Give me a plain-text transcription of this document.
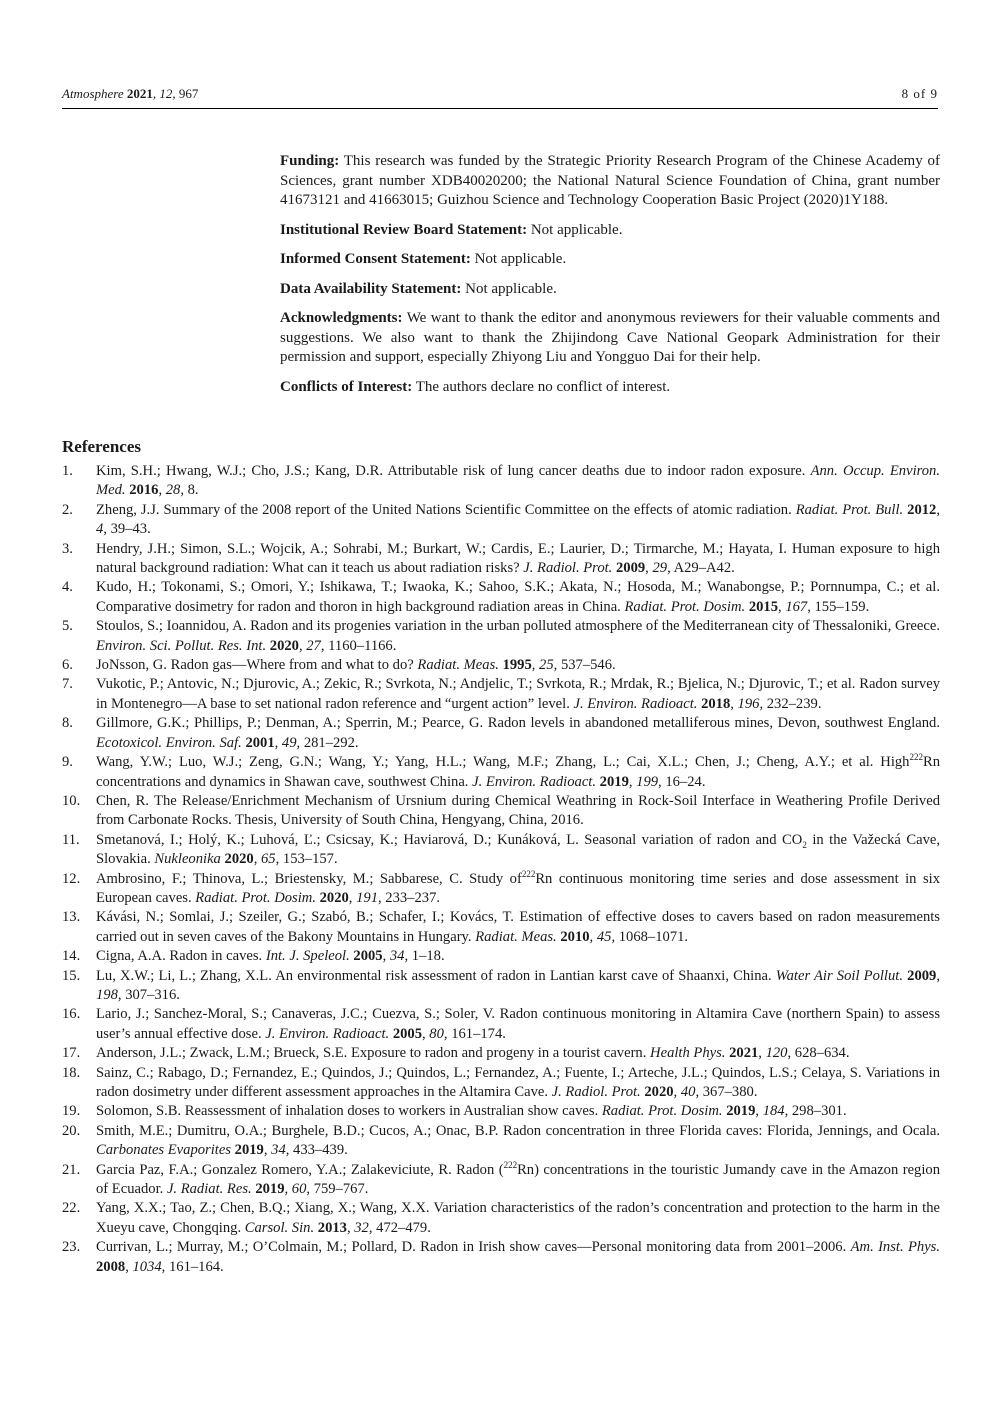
Atmosphere 2021, 12, 967	8 of 9

Funding: This research was funded by the Strategic Priority Research Program of the Chinese Academy of Sciences, grant number XDB40020200; the National Natural Science Foundation of China, grant number 41673121 and 41663015; Guizhou Science and Technology Cooperation Basic Project (2020)1Y188.

Institutional Review Board Statement: Not applicable.

Informed Consent Statement: Not applicable.

Data Availability Statement: Not applicable.

Acknowledgments: We want to thank the editor and anonymous reviewers for their valuable comments and suggestions. We also want to thank the Zhijindong Cave National Geopark Administration for their permission and support, especially Zhiyong Liu and Yongguo Dai for their help.

Conflicts of Interest: The authors declare no conflict of interest.

References
1. Kim, S.H.; Hwang, W.J.; Cho, J.S.; Kang, D.R. Attributable risk of lung cancer deaths due to indoor radon exposure. Ann. Occup. Environ. Med. 2016, 28, 8.
2. Zheng, J.J. Summary of the 2008 report of the United Nations Scientific Committee on the effects of atomic radiation. Radiat. Prot. Bull. 2012, 4, 39–43.
3. Hendry, J.H.; Simon, S.L.; Wojcik, A.; Sohrabi, M.; Burkart, W.; Cardis, E.; Laurier, D.; Tirmarche, M.; Hayata, I. Human exposure to high natural background radiation: What can it teach us about radiation risks? J. Radiol. Prot. 2009, 29, A29–A42.
4. Kudo, H.; Tokonami, S.; Omori, Y.; Ishikawa, T.; Iwaoka, K.; Sahoo, S.K.; Akata, N.; Hosoda, M.; Wanabongse, P.; Pornnumpa, C.; et al. Comparative dosimetry for radon and thoron in high background radiation areas in China. Radiat. Prot. Dosim. 2015, 167, 155–159.
5. Stoulos, S.; Ioannidou, A. Radon and its progenies variation in the urban polluted atmosphere of the Mediterranean city of Thessaloniki, Greece. Environ. Sci. Pollut. Res. Int. 2020, 27, 1160–1166.
6. JoNsson, G. Radon gas—Where from and what to do? Radiat. Meas. 1995, 25, 537–546.
7. Vukotic, P.; Antovic, N.; Djurovic, A.; Zekic, R.; Svrkota, N.; Andjelic, T.; Svrkota, R.; Mrdak, R.; Bjelica, N.; Djurovic, T.; et al. Radon survey in Montenegro—A base to set national radon reference and “urgent action” level. J. Environ. Radioact. 2018, 196, 232–239.
8. Gillmore, G.K.; Phillips, P.; Denman, A.; Sperrin, M.; Pearce, G. Radon levels in abandoned metalliferous mines, Devon, southwest England. Ecotoxicol. Environ. Saf. 2001, 49, 281–292.
9. Wang, Y.W.; Luo, W.J.; Zeng, G.N.; Wang, Y.; Yang, H.L.; Wang, M.F.; Zhang, L.; Cai, X.L.; Chen, J.; Cheng, A.Y.; et al. High$^{222}$Rn concentrations and dynamics in Shawan cave, southwest China. J. Environ. Radioact. 2019, 199, 16–24.
10. Chen, R. The Release/Enrichment Mechanism of Ursnium during Chemical Weathring in Rock-Soil Interface in Weathering Profile Derived from Carbonate Rocks. Thesis, University of South China, Hengyang, China, 2016.
11. Smetanová, I.; Holý, K.; Luhová, Ľ.; Csicsay, K.; Haviarová, D.; Kunáková, L. Seasonal variation of radon and $CO_2$ in the Važecká Cave, Slovakia. Nukleonika 2020, 65, 153–157.
12. Ambrosino, F.; Thinova, L.; Briestensky, M.; Sabbarese, C. Study $of^{222}Rn$ continuous monitoring time series and dose assessment in six European caves. Radiat. Prot. Dosim. 2020, 191, 233–237.
13. Kávási, N.; Somlai, J.; Szeiler, G.; Szabó, B.; Schafer, I.; Kovács, T. Estimation of effective doses to cavers based on radon measurements carried out in seven caves of the Bakony Mountains in Hungary. Radiat. Meas. 2010, 45, 1068–1071.
14. Cigna, A.A. Radon in caves. Int. J. Speleol. 2005, 34, 1–18.
15. Lu, X.W.; Li, L.; Zhang, X.L. An environmental risk assessment of radon in Lantian karst cave of Shaanxi, China. Water Air Soil Pollut. 2009, 198, 307–316.
16. Lario, J.; Sanchez-Moral, S.; Canaveras, J.C.; Cuezva, S.; Soler, V. Radon continuous monitoring in Altamira Cave (northern Spain) to assess user’s annual effective dose. J. Environ. Radioact. 2005, 80, 161–174.
17. Anderson, J.L.; Zwack, L.M.; Brueck, S.E. Exposure to radon and progeny in a tourist cavern. Health Phys. 2021, 120, 628–634.
18. Sainz, C.; Rabago, D.; Fernandez, E.; Quindos, J.; Quindos, L.; Fernandez, A.; Fuente, I.; Arteche, J.L.; Quindos, L.S.; Celaya, S. Variations in radon dosimetry under different assessment approaches in the Altamira Cave. J. Radiol. Prot. 2020, 40, 367–380.
19. Solomon, S.B. Reassessment of inhalation doses to workers in Australian show caves. Radiat. Prot. Dosim. 2019, 184, 298–301.
20. Smith, M.E.; Dumitru, O.A.; Burghele, B.D.; Cucos, A.; Onac, B.P. Radon concentration in three Florida caves: Florida, Jennings, and Ocala. Carbonates Evaporites 2019, 34, 433–439.
21. Garcia Paz, F.A.; Gonzalez Romero, Y.A.; Zalakeviciute, R. Radon ($^{222}$Rn) concentrations in the touristic Jumandy cave in the Amazon region of Ecuador. J. Radiat. Res. 2019, 60, 759–767.
22. Yang, X.X.; Tao, Z.; Chen, B.Q.; Xiang, X.; Wang, X.X. Variation characteristics of the radon’s concentration and protection to the harm in the Xueyu cave, Chongqing. Carsol. Sin. 2013, 32, 472–479.
23. Currivan, L.; Murray, M.; O’Colmain, M.; Pollard, D. Radon in Irish show caves—Personal monitoring data from 2001–2006. Am. Inst. Phys. 2008, 1034, 161–164.
